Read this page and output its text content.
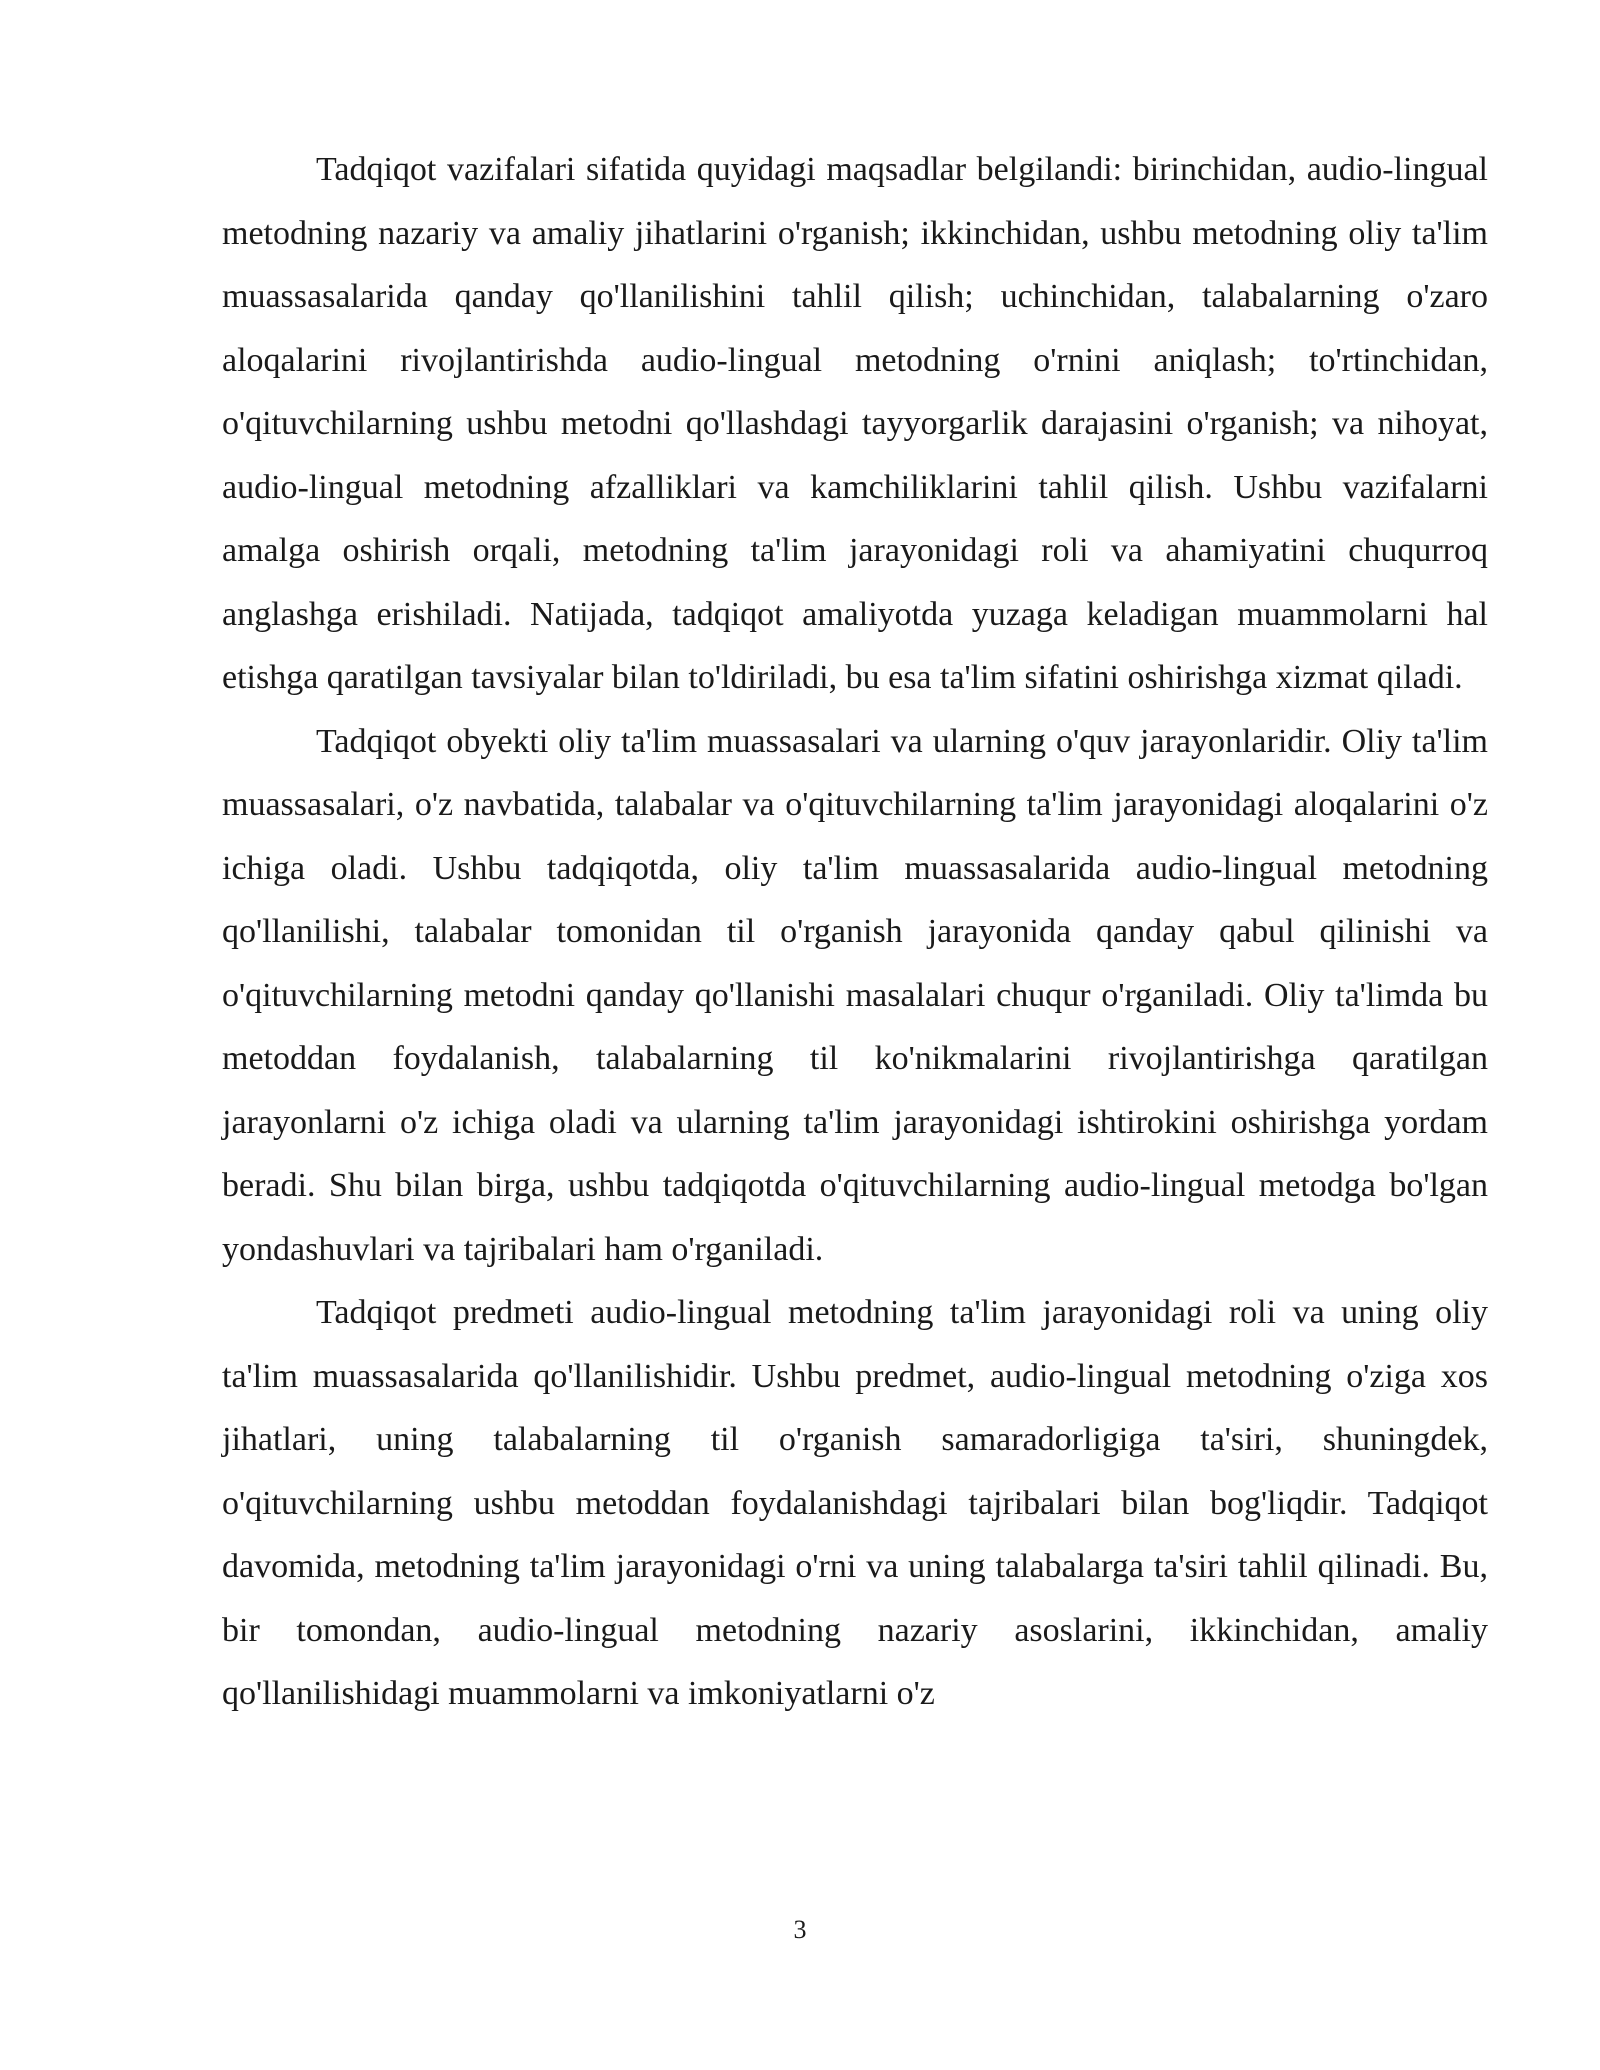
Tadqiqot vazifalari sifatida quyidagi maqsadlar belgilandi: birinchidan, audio-lingual metodning nazariy va amaliy jihatlarini o'rganish; ikkinchidan, ushbu metodning oliy ta'lim muassasalarida qanday qo'llanilishini tahlil qilish; uchinchidan, talabalarning o'zaro aloqalarini rivojlantirishda audio-lingual metodning o'rnini aniqlash; to'rtinchidan, o'qituvchilarning ushbu metodni qo'llashdagi tayyorgarlik darajasini o'rganish; va nihoyat, audio-lingual metodning afzalliklari va kamchiliklarini tahlil qilish. Ushbu vazifalarni amalga oshirish orqali, metodning ta'lim jarayonidagi roli va ahamiyatini chuqurroq anglashga erishiladi. Natijada, tadqiqot amaliyotda yuzaga keladigan muammolarni hal etishga qaratilgan tavsiyalar bilan to'ldiriladi, bu esa ta'lim sifatini oshirishga xizmat qiladi.

Tadqiqot obyekti oliy ta'lim muassasalari va ularning o'quv jarayonlaridir. Oliy ta'lim muassasalari, o'z navbatida, talabalar va o'qituvchilarning ta'lim jarayonidagi aloqalarini o'z ichiga oladi. Ushbu tadqiqotda, oliy ta'lim muassasalarida audio-lingual metodning qo'llanilishi, talabalar tomonidan til o'rganish jarayonida qanday qabul qilinishi va o'qituvchilarning metodni qanday qo'llanishi masalalari chuqur o'rganiladi. Oliy ta'limda bu metoddan foydalanish, talabalarning til ko'nikmalarini rivojlantirishga qaratilgan jarayonlarni o'z ichiga oladi va ularning ta'lim jarayonidagi ishtirokini oshirishga yordam beradi. Shu bilan birga, ushbu tadqiqotda o'qituvchilarning audio-lingual metodga bo'lgan yondashuvlari va tajribalari ham o'rganiladi.

Tadqiqot predmeti audio-lingual metodning ta'lim jarayonidagi roli va uning oliy ta'lim muassasalarida qo'llanilishidir. Ushbu predmet, audio-lingual metodning o'ziga xos jihatlari, uning talabalarning til o'rganish samaradorligiga ta'siri, shuningdek, o'qituvchilarning ushbu metoddan foydalanishdagi tajribalari bilan bog'liqdir. Tadqiqot davomida, metodning ta'lim jarayonidagi o'rni va uning talabalarga ta'siri tahlil qilinadi. Bu, bir tomondan, audio-lingual metodning nazariy asoslarini, ikkinchidan, amaliy qo'llanilishidagi muammolarni va imkoniyatlarni o'z

3
